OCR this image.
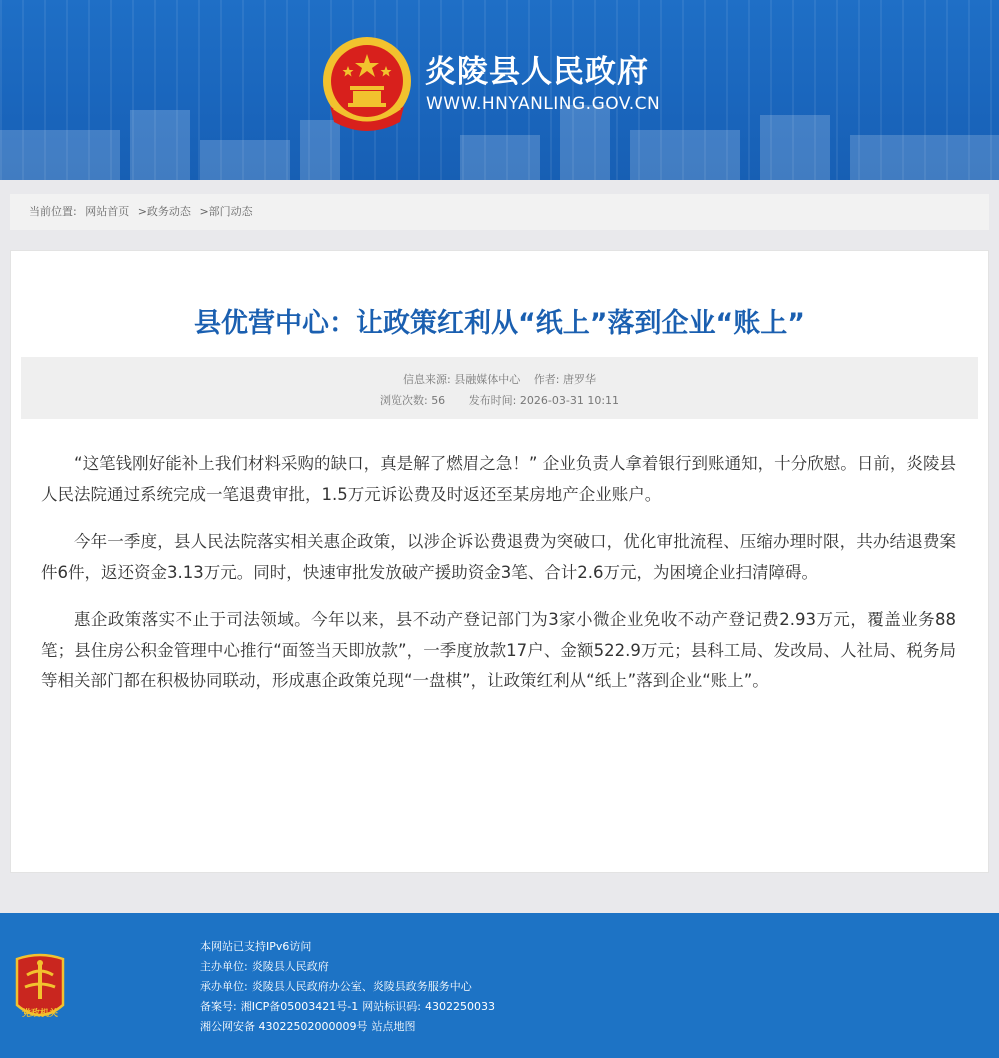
炎陵县人民政府
WWW.HNYANLING.GOV.CN
当前位置: 网站首页 >政务动态 >部门动态
县优营中心：让政策红利从“纸上”落到企业“账上”
信息来源: 县融媒体中心 作者: 唐罗华
浏览次数: 56 发布时间: 2026-03-31 10:11

“这笔钱刚好能补上我们材料采购的缺口，真是解了燃眉之急！” 企业负责人拿着银行到账通知，十分欣慰。日前，炎陵县人民法院通过系统完成一笔退费审批，1.5万元诉讼费及时返还至某房地产企业账户。

今年一季度，县人民法院落实相关惠企政策，以涉企诉讼费退费为突破口，优化审批流程、压缩办理时限，共办结退费案件6件，返还资金3.13万元。同时，快速审批发放破产援助资金3笔、合计2.6万元，为困境企业扫清障碍。

惠企政策落实不止于司法领域。今年以来，县不动产登记部门为3家小微企业免收不动产登记费2.93万元，覆盖业务88笔；县住房公积金管理中心推行“面签当天即放款”，一季度放款17户、金额522.9万元；县科工局、发改局、人社局、税务局等相关部门都在积极协同联动，形成惠企政策兑现“一盘棋”，让政策红利从“纸上”落到企业“账上”。

党政机关
本网站已支持IPv6访问
主办单位: 炎陵县人民政府
承办单位: 炎陵县人民政府办公室、炎陵县政务服务中心
备案号: 湘ICP备05003421号-1 网站标识码: 4302250033
湘公网安备 43022502000009号 站点地图
